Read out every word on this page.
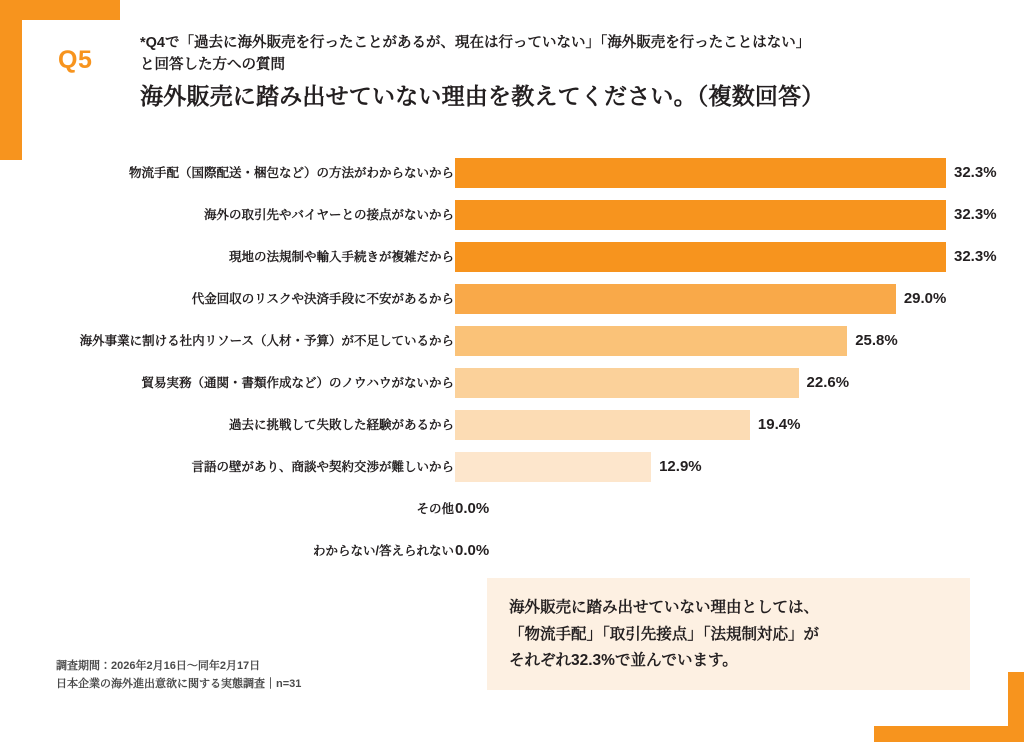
Q5
*Q4で「過去に海外販売を行ったことがあるが、現在は行っていない」「海外販売を行ったことはない」
と回答した方への質問
海外販売に踏み出せていない理由を教えてください。（複数回答）
物流手配（国際配送・梱包など）の方法がわからないから	32.3%
海外の取引先やバイヤーとの接点がないから	32.3%
現地の法規制や輸入手続きが複雑だから	32.3%
代金回収のリスクや決済手段に不安があるから	29.0%
海外事業に割ける社内リソース（人材・予算）が不足しているから	25.8%
貿易実務（通関・書類作成など）のノウハウがないから	22.6%
過去に挑戦して失敗した経験があるから	19.4%
言語の壁があり、商談や契約交渉が難しいから	12.9%
その他 0.0%
わからない/答えられない 0.0%
海外販売に踏み出せていない理由としては、
「物流手配」「取引先接点」「法規制対応」が
それぞれ32.3%で並んでいます。
調査期間：2026年2月16日〜同年2月17日
日本企業の海外進出意欲に関する実態調査｜n=31
